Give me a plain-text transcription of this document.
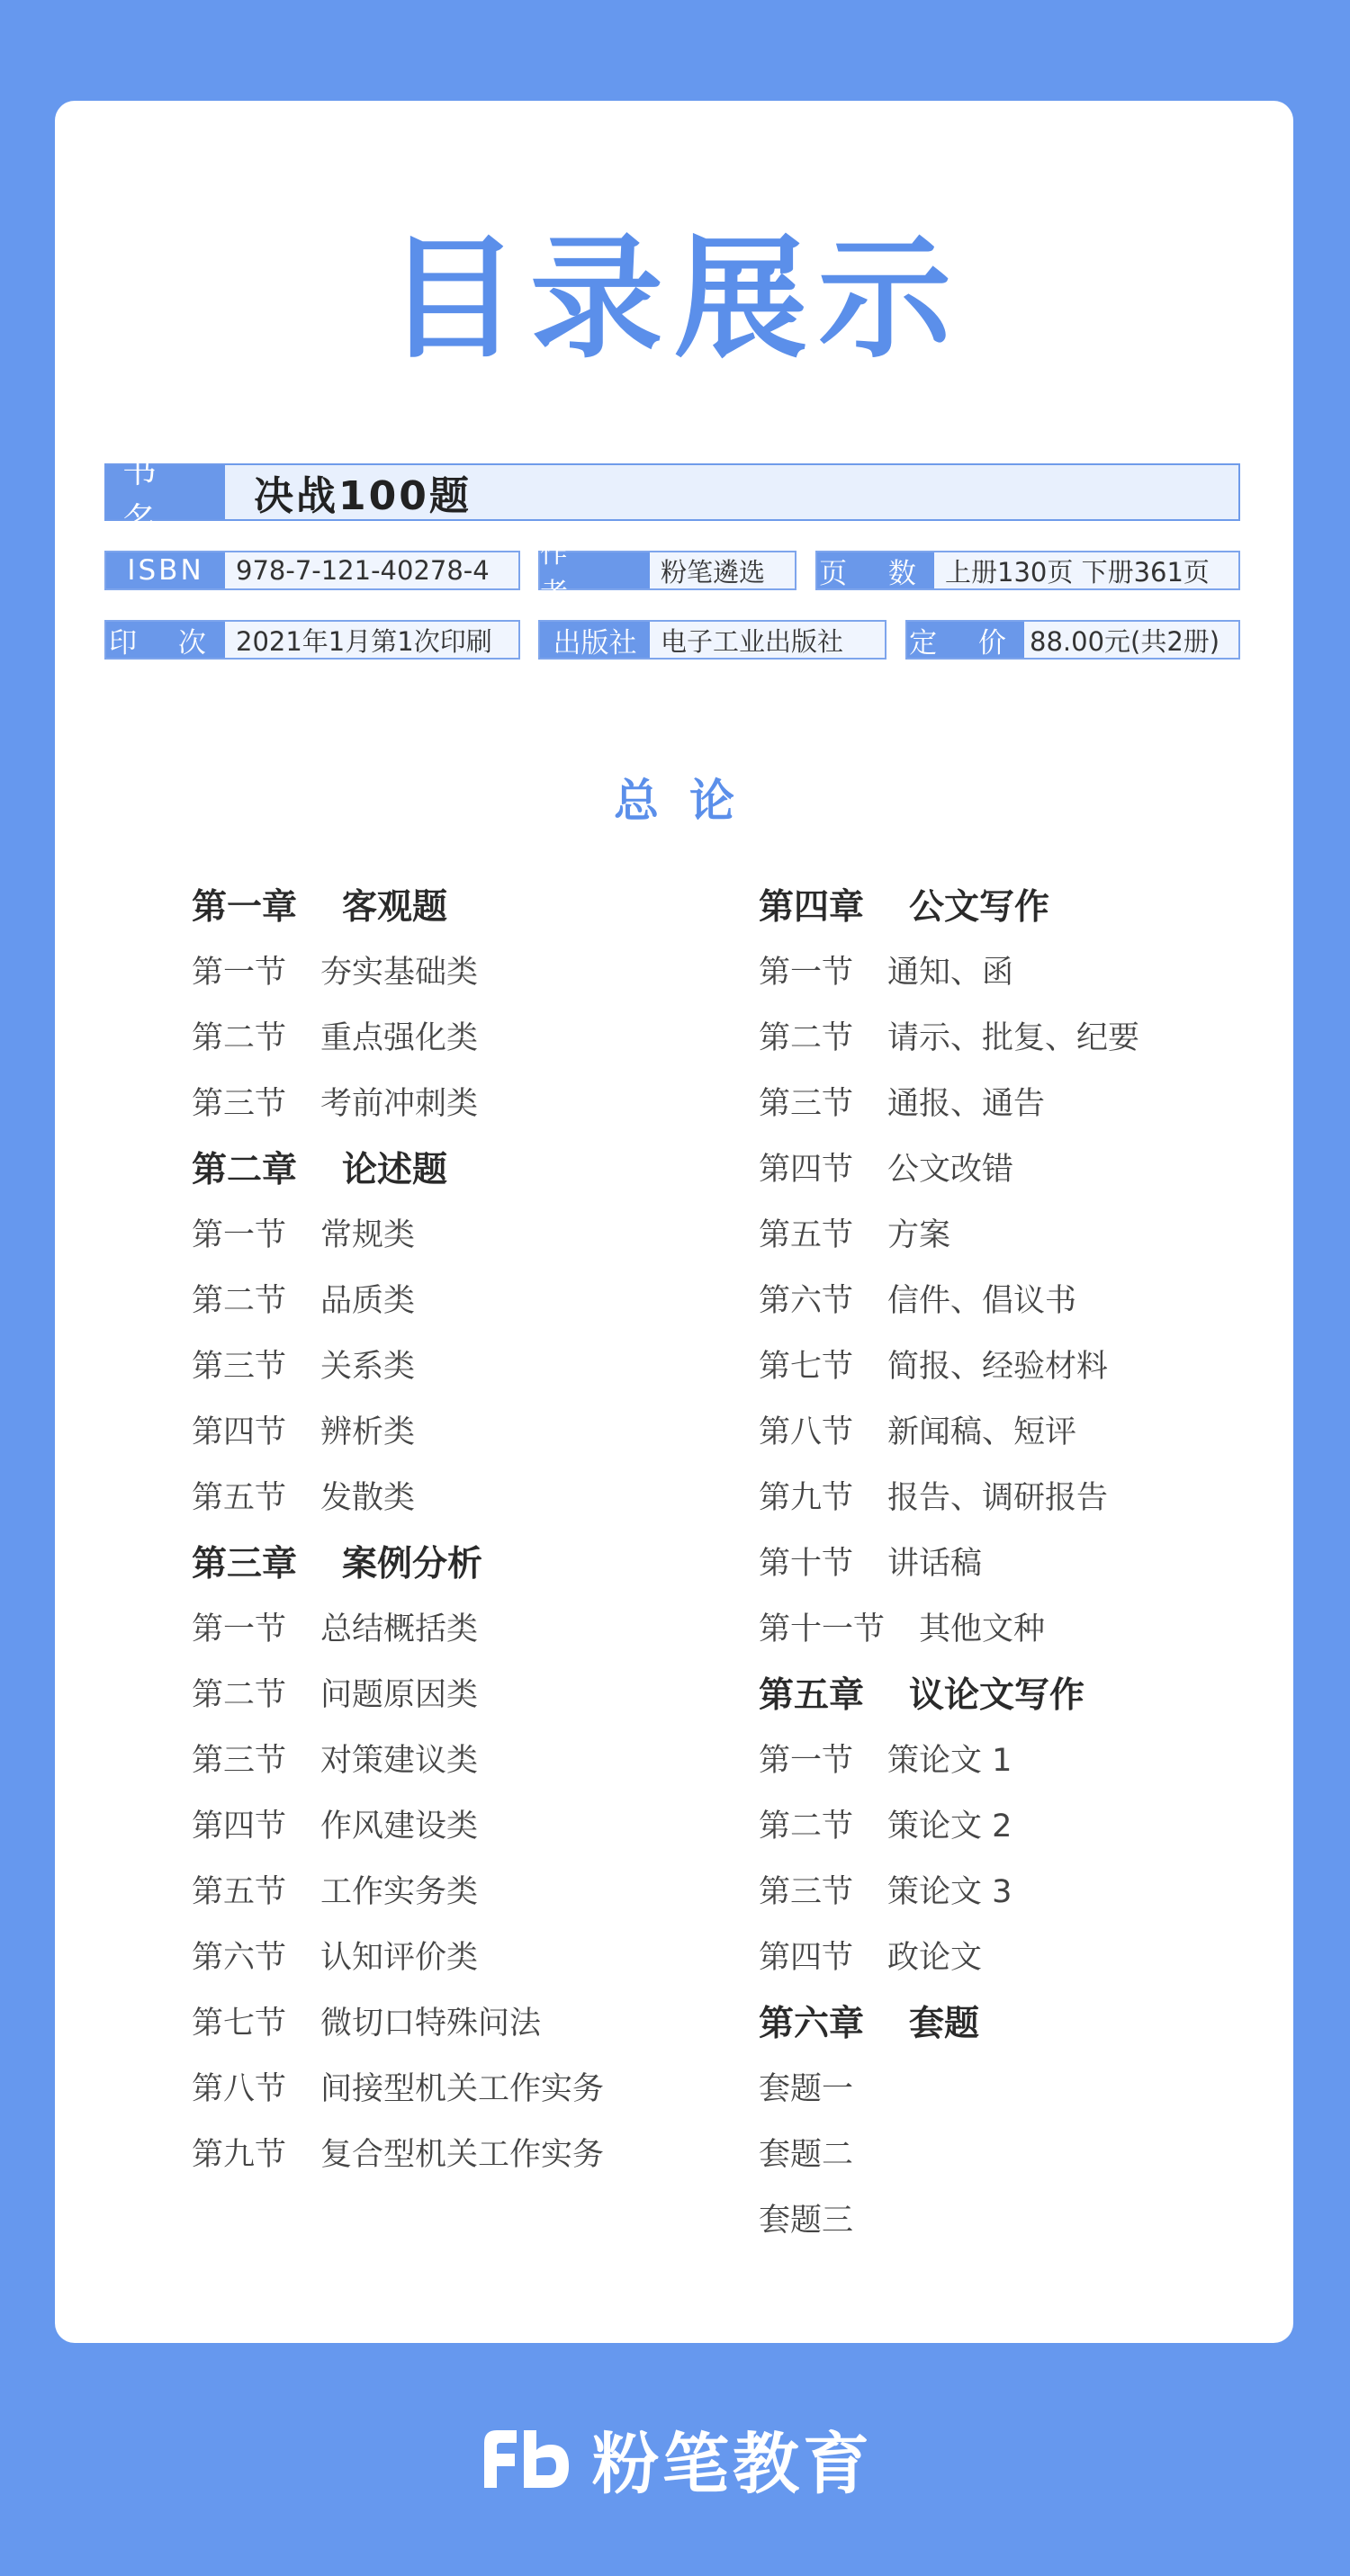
目录展示
书 名
决战100题
ISBN	978-7-121-40278-4
作 者
粉笔遴选 页 数 上册130页 下册361页
印 次 2021年1月第1次印刷	出版社 电子工业出版社 定 价 88.00元(共2册)
总论
第一章 客观题
第一节 夯实基础类
第二节 重点强化类
第三节 考前冲刺类
第二章 论述题
第一节 常规类
第二节 品质类
第三节 关系类
第四节 辨析类
第五节 发散类
第三章 案例分析
第一节 总结概括类
第二节 问题原因类
第三节 对策建议类
第四节 作风建设类
第五节 工作实务类
第六节 认知评价类
第七节 微切口特殊问法
第八节 间接型机关工作实务
第九节 复合型机关工作实务
第四章 公文写作
第一节 通知、函
第二节 请示、批复、纪要
第三节 通报、通告
第四节 公文改错
第五节 方案
第六节 信件、倡议书
第七节 简报、经验材料
第八节 新闻稿、短评
第九节 报告、调研报告
第十节 讲话稿
第十一节 其他文种
第五章 议论文写作
第一节 策论文 1
第二节 策论文 2
第三节 策论文 3
第四节 政论文
第六章 套题
套题一
套题二
套题三
粉笔教育
